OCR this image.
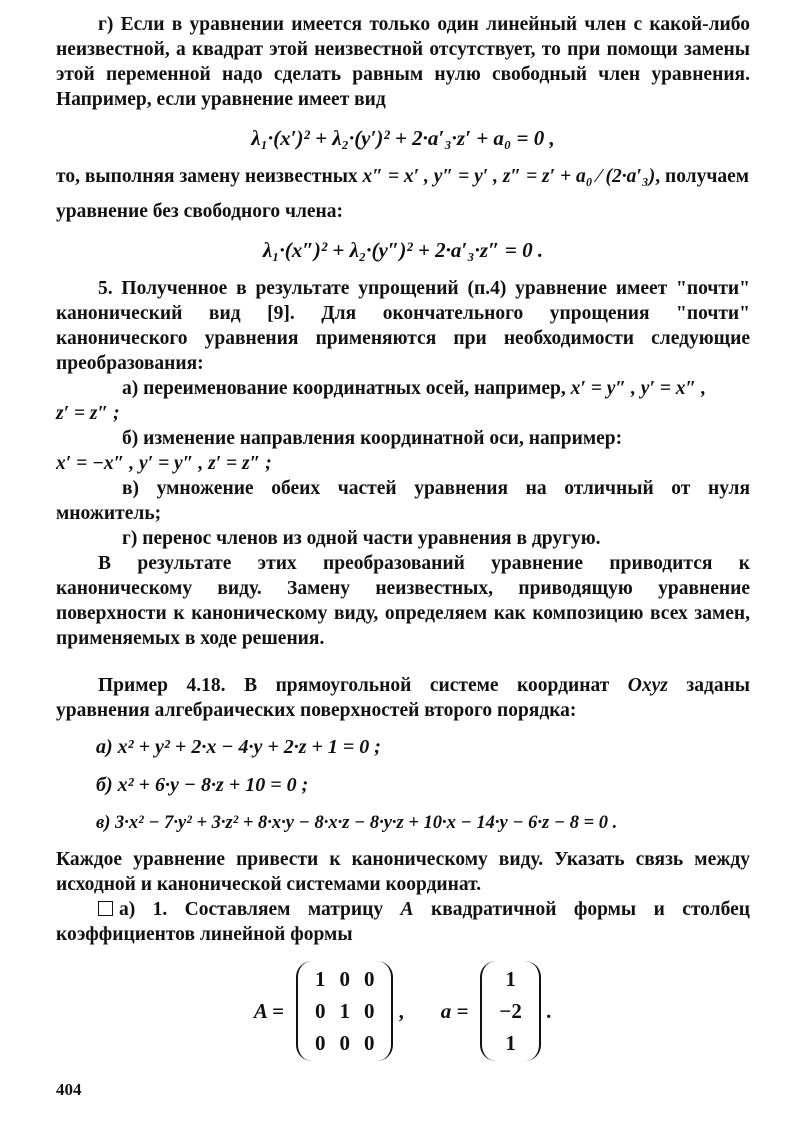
г) Если в уравнении имеется только один линейный член с какой-либо неизвестной, а квадрат этой неизвестной отсутствует, то при помощи замены этой переменной надо сделать равным нулю свободный член уравнения. Например, если уравнение имеет вид

λ₁·(x′)² + λ₂·(y′)² + 2·a′₃·z′ + a₀ = 0 ,

то, выполняя замену неизвестных x″ = x′ , y″ = y′ , z″ = z′ + a₀ ⁄ (2·a′₃), получаем

уравнение без свободного члена:

λ₁·(x″)² + λ₂·(y″)² + 2·a′₃·z″ = 0 .

5. Полученное в результате упрощений (п.4) уравнение имеет "почти" канонический вид [9]. Для окончательного упрощения "почти" канонического уравнения применяются при необходимости следующие преобразования:

а) переименование координатных осей, например, x′ = y″ , y′ = x″ ,

z′ = z″ ;

б) изменение направления координатной оси, например:

x′ = −x″ , y′ = y″ , z′ = z″ ;

в) умножение обеих частей уравнения на отличный от нуля множитель;

г) перенос членов из одной части уравнения в другую.

В результате этих преобразований уравнение приводится к каноническому виду. Замену неизвестных, приводящую уравнение поверхности к каноническому виду, определяем как композицию всех замен, применяемых в ходе решения.

Пример 4.18. В прямоугольной системе координат Oxyz заданы уравнения алгебраических поверхностей второго порядка:

а) x² + y² + 2·x − 4·y + 2·z + 1 = 0 ;
б) x² + 6·y − 8·z + 10 = 0 ;
в) 3·x² − 7·y² + 3·z² + 8·x·y − 8·x·z − 8·y·z + 10·x − 14·y − 6·z − 8 = 0 .

Каждое уравнение привести к каноническому виду. Указать связь между исходной и канонической системами координат.

а) 1. Составляем матрицу A квадратичной формы и столбец коэффициентов линейной формы

A =
1	0	0
0	1	0
0	0	0
, a =
1
−2
1
.
404
